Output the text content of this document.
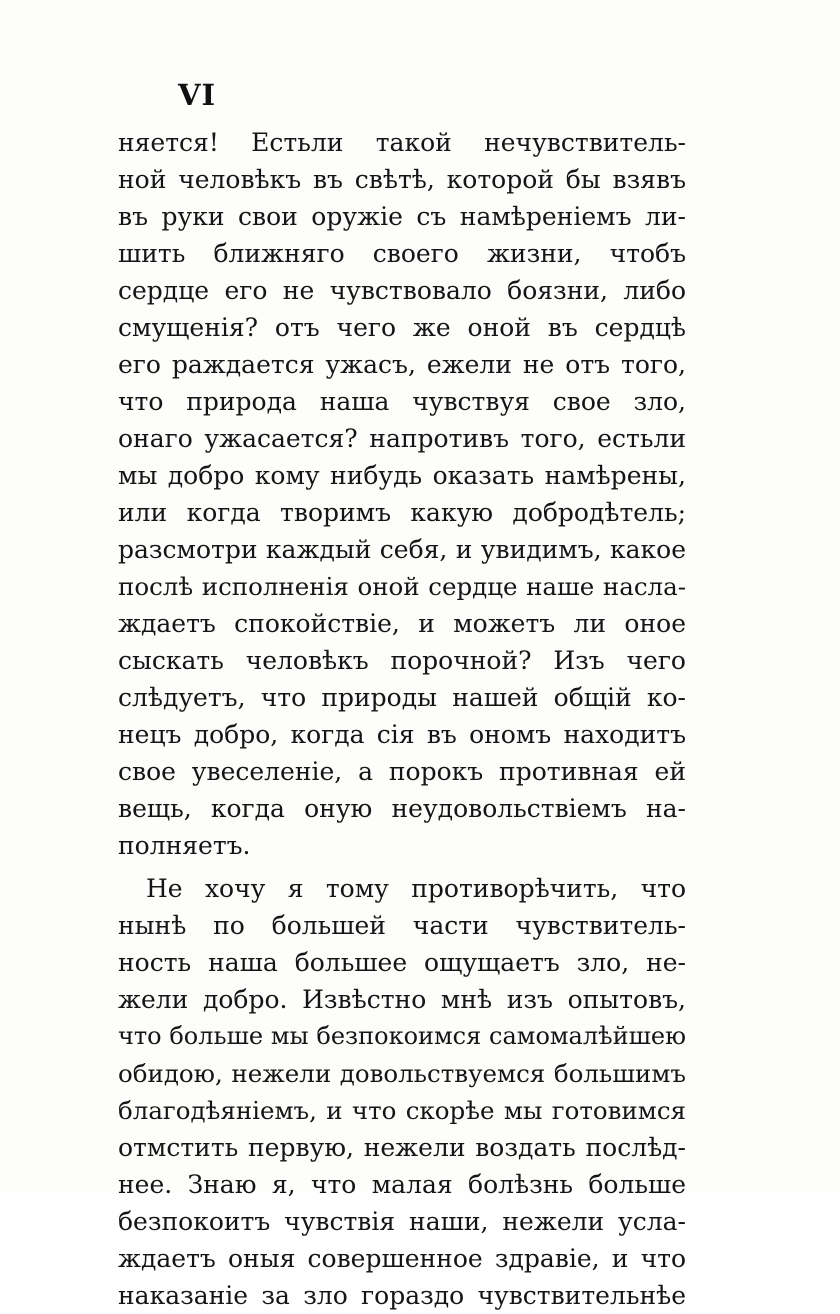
VI
няется! Естьли такой нечувствитель-
ной человѣкъ въ свѣтѣ, которой бы взявъ
въ руки свои оружіе съ намѣреніемъ ли-
шить ближняго своего жизни, чтобъ
сердце его не чувствовало боязни, либо
смущенія? отъ чего же оной въ сердцѣ
его раждается ужасъ, ежели не отъ того,
что природа наша чувствуя свое зло,
онаго ужасается? напротивъ того, естьли
мы добро кому нибудь оказать намѣрены,
или когда творимъ какую добродѣтель;
разсмотри каждый себя, и увидимъ, какое
послѣ исполненія оной сердце наше насла-
ждаетъ спокойствіе, и можетъ ли оное
сыскать человѣкъ порочной? Изъ чего
слѣдуетъ, что природы нашей общій ко-
нецъ добро, когда сія въ ономъ находитъ
свое увеселеніе, а порокъ противная ей
вещь, когда оную неудовольствіемъ на-
полняетъ.
Не хочу я тому противорѣчить, что
нынѣ по большей части чувствитель-
ность наша большее ощущаетъ зло, не-
жели добро. Извѣстно мнѣ изъ опытовъ,
что больше мы безпокоимся самомалѣйшею
обидою, нежели довольствуемся большимъ
благодѣяніемъ, и что скорѣе мы готовимся
отмстить первую, нежели воздать послѣд-
нее. Знаю я, что малая болѣзнь больше
безпокоитъ чувствія наши, нежели усла-
ждаетъ оныя совершенное здравіе, и что
наказаніе за зло гораздо чувствительнѣе
